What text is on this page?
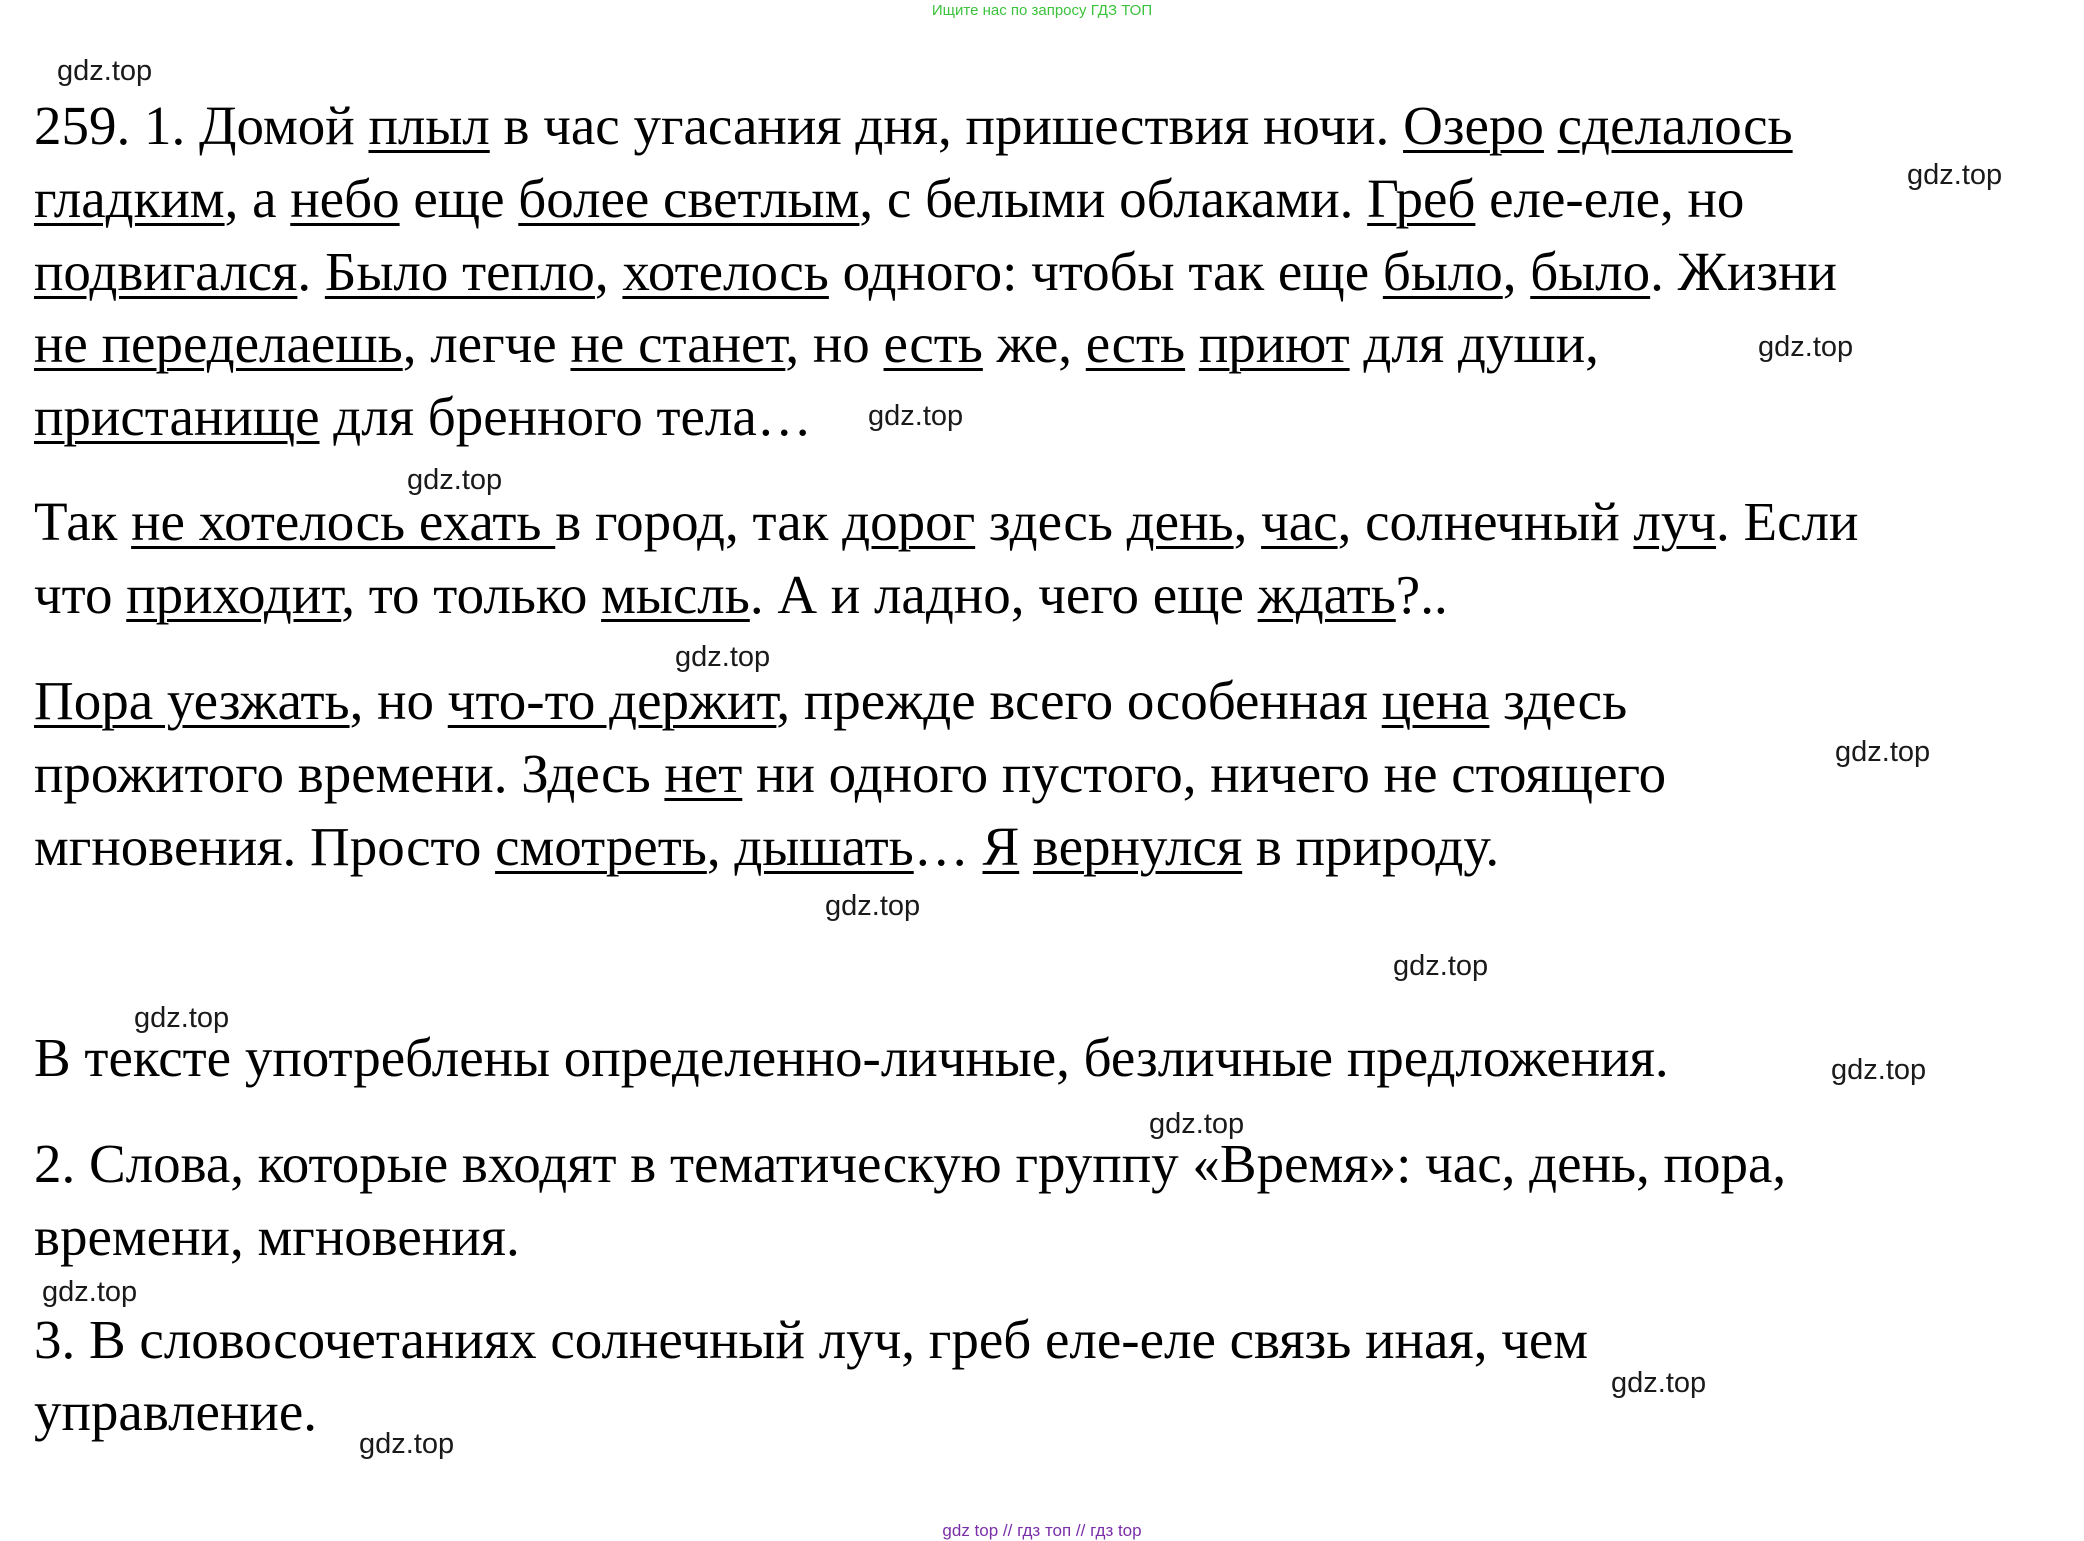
Ищите нас по запросу ГДЗ ТОП
gdz.top
gdz.top
gdz.top
gdz.top
gdz.top
gdz.top
gdz.top
gdz.top
gdz.top
gdz.top
gdz.top
gdz.top
gdz.top
gdz.top
gdz.top
259. 1. Домой плыл в час угасания дня, пришествия ночи. Озеро сделалось
гладким, а небо еще более светлым, с белыми облаками. Греб еле-еле, но
подвигался. Было тепло, хотелось одного: чтобы так еще было, было. Жизни
не переделаешь, легче не станет, но есть же, есть приют для души,
пристанище для бренного тела…
Так не хотелось ехать в город, так дорог здесь день, час, солнечный луч. Если
что приходит, то только мысль. А и ладно, чего еще ждать?..
Пора уезжать, но что-то держит, прежде всего особенная цена здесь
прожитого времени. Здесь нет ни одного пустого, ничего не стоящего
мгновения. Просто смотреть, дышать… Я вернулся в природу.
В тексте употреблены определенно-личные, безличные предложения.
2. Слова, которые входят в тематическую группу «Время»: час, день, пора,
времени, мгновения.
3. В словосочетаниях солнечный луч, греб еле-еле связь иная, чем
управление.
gdz top // гдз топ // гдз top
